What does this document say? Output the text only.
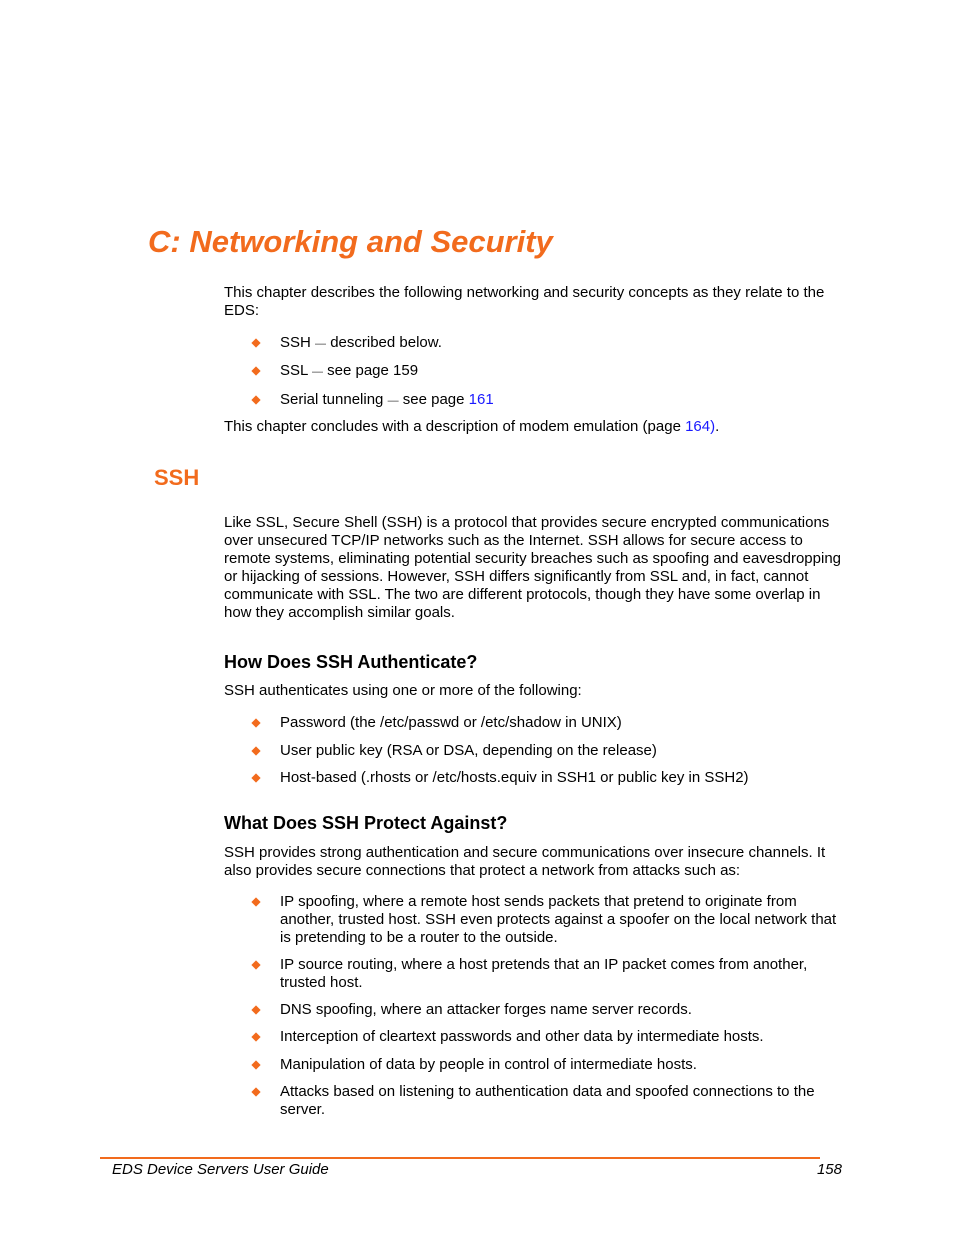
C: Networking and Security

This chapter describes the following networking and security concepts as they relate to the EDS:

SSH — described below.
SSL — see page 159
Serial tunneling — see page 161

This chapter concludes with a description of modem emulation (page 164).

SSH

Like SSL, Secure Shell (SSH) is a protocol that provides secure encrypted communications over unsecured TCP/IP networks such as the Internet. SSH allows for secure access to remote systems, eliminating potential security breaches such as spoofing and eavesdropping or hijacking of sessions. However, SSH differs significantly from SSL and, in fact, cannot communicate with SSL. The two are different protocols, though they have some overlap in how they accomplish similar goals.

How Does SSH Authenticate?

SSH authenticates using one or more of the following:

Password (the /etc/passwd or /etc/shadow in UNIX)
User public key (RSA or DSA, depending on the release)
Host-based (.rhosts or /etc/hosts.equiv in SSH1 or public key in SSH2)
What Does SSH Protect Against?

SSH provides strong authentication and secure communications over insecure channels. It also provides secure connections that protect a network from attacks such as:

IP spoofing, where a remote host sends packets that pretend to originate from another, trusted host. SSH even protects against a spoofer on the local network that is pretending to be a router to the outside.
IP source routing, where a host pretends that an IP packet comes from another, trusted host.
DNS spoofing, where an attacker forges name server records.
Interception of cleartext passwords and other data by intermediate hosts.
Manipulation of data by people in control of intermediate hosts.
Attacks based on listening to authentication data and spoofed connections to the server.
EDS Device Servers User Guide	158
